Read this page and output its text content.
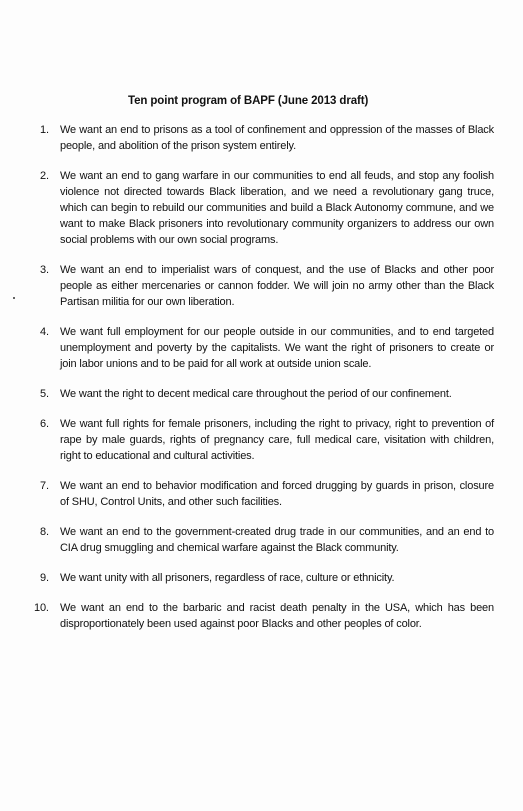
Ten point program of BAPF (June 2013 draft)
1.	We want an end to prisons as a tool of confinement and oppression of the masses of Black people, and abolition of the prison system entirely.
2.	We want an end to gang warfare in our communities to end all feuds, and stop any foolish violence not directed towards Black liberation, and we need a revolutionary gang truce, which can begin to rebuild our communities and build a Black Autonomy commune, and we want to make Black prisoners into revolutionary community organizers to address our own social problems with our own social programs.
3.	We want an end to imperialist wars of conquest, and the use of Blacks and other poor people as either mercenaries or cannon fodder. We will join no army other than the Black Partisan militia for our own liberation.
4.	We want full employment for our people outside in our communities, and to end targeted unemployment and poverty by the capitalists. We want the right of prisoners to create or join labor unions and to be paid for all work at outside union scale.
5.	We want the right to decent medical care throughout the period of our confinement.
6.	We want full rights for female prisoners, including the right to privacy, right to prevention of rape by male guards, rights of pregnancy care, full medical care, visitation with children, right to educational and cultural activities.
7.	We want an end to behavior modification and forced drugging by guards in prison, closure of SHU, Control Units, and other such facilities.
8.	We want an end to the government-created drug trade in our communities, and an end to CIA drug smuggling and chemical warfare against the Black community.
9.	We want unity with all prisoners, regardless of race, culture or ethnicity.
10. We want an end to the barbaric and racist death penalty in the USA, which has been disproportionately been used against poor Blacks and other peoples of color.
